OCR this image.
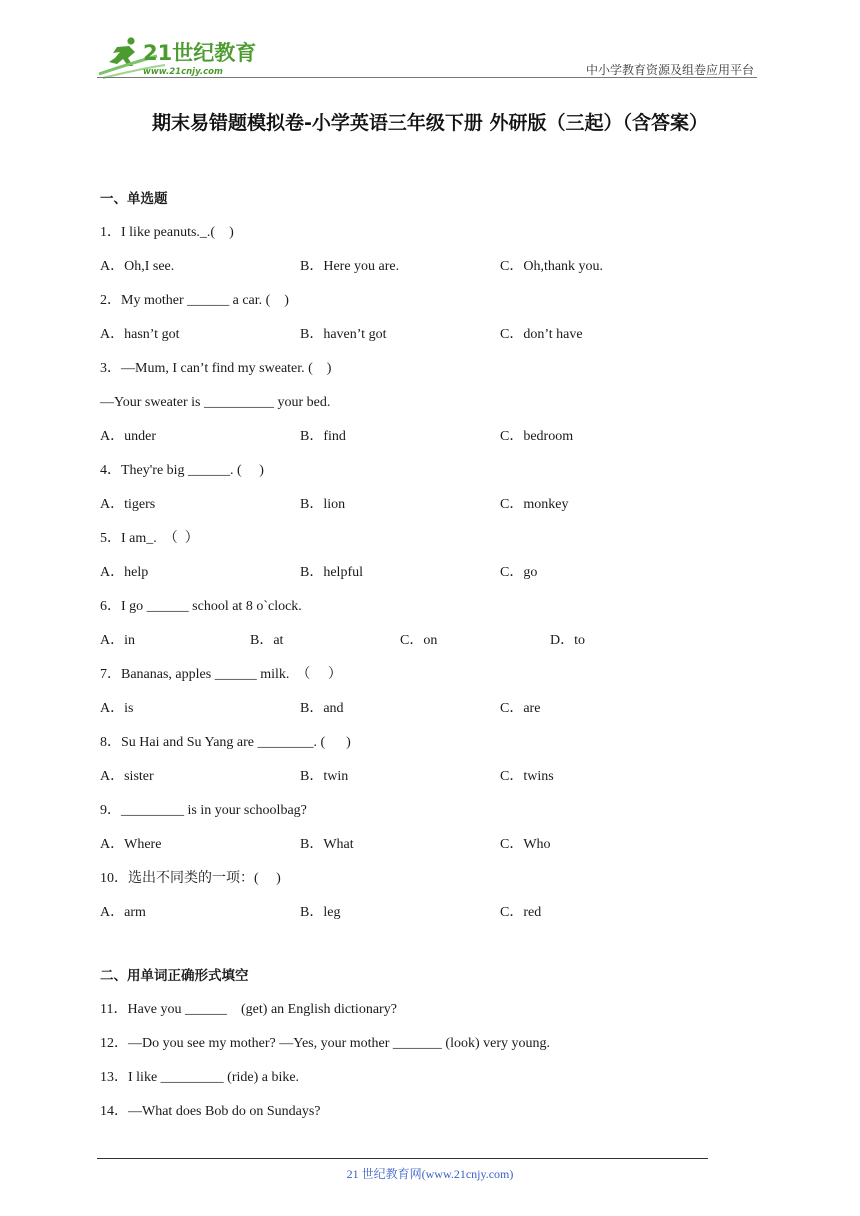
21世纪教育
www.21cnjy.com	中小学教育资源及组卷应用平台
期末易错题模拟卷-小学英语三年级下册 外研版（三起）（含答案）
一、单选题
1．I like peanuts._.(    )
A．Oh,I see.	B．Here you are.	C．Oh,thank you.
2．My mother ______ a car. (    )
A．hasn’t got	B．haven’t got	C．don’t have
3．—Mum, I can’t find my sweater. (    )
—Your sweater is __________ your bed.
A．under	B．find	C．bedroom
4．They're big ______. (     )
A．tigers	B．lion	C．monkey
5．I am_.  （  ）
A．help	B．helpful	C．go
6．I go ______ school at 8 o`clock.
A．in	B．at	C．on	D．to
7．Bananas, apples ______ milk.  （     ）
A．is	B．and	C．are
8．Su Hai and Su Yang are ________. (      )
A．sister	B．twin	C．twins
9．_________ is in your schoolbag?
A．Where	B．What	C．Who
10．选出不同类的一项：(     )
A．arm	B．leg	C．red
二、用单词正确形式填空
11．Have you ______    (get) an English dictionary?
12．—Do you see my mother? —Yes, your mother _______ (look) very young.
13．I like _________ (ride) a bike.
14．—What does Bob do on Sundays?
21 世纪教育网(www.21cnjy.com)
